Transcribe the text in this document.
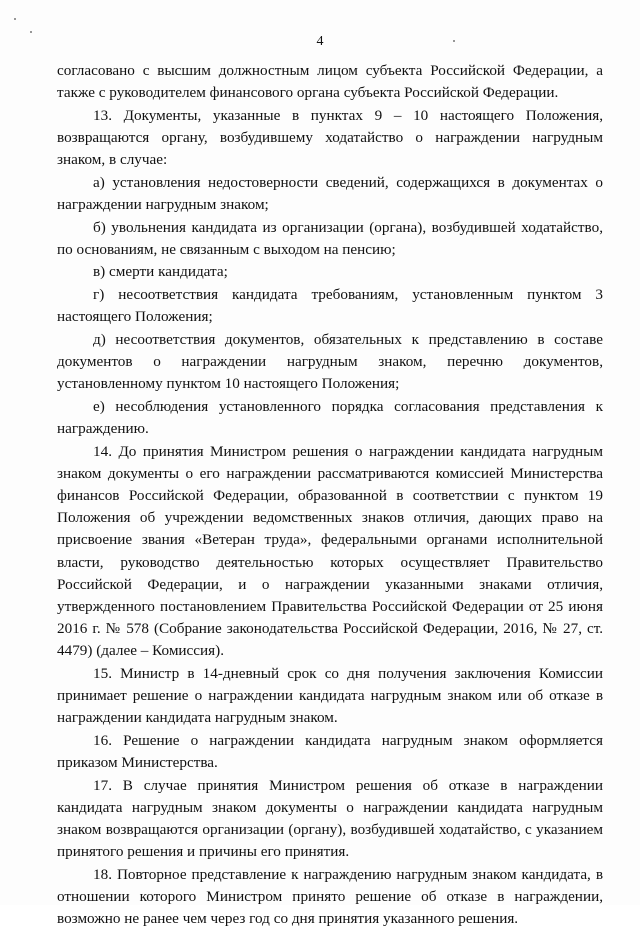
4

согласовано с высшим должностным лицом субъекта Российской Федерации, а также с руководителем финансового органа субъекта Российской Федерации.

13. Документы, указанные в пунктах 9 – 10 настоящего Положения, возвращаются органу, возбудившему ходатайство о награждении нагрудным знаком, в случае:

а) установления недостоверности сведений, содержащихся в документах о награждении нагрудным знаком;

б) увольнения кандидата из организации (органа), возбудившей ходатайство, по основаниям, не связанным с выходом на пенсию;

в) смерти кандидата;

г) несоответствия кандидата требованиям, установленным пунктом 3 настоящего Положения;

д) несоответствия документов, обязательных к представлению в составе документов о награждении нагрудным знаком, перечню документов, установленному пунктом 10 настоящего Положения;

е) несоблюдения установленного порядка согласования представления к награждению.

14. До принятия Министром решения о награждении кандидата нагрудным знаком документы о его награждении рассматриваются комиссией Министерства финансов Российской Федерации, образованной в соответствии с пунктом 19 Положения об учреждении ведомственных знаков отличия, дающих право на присвоение звания «Ветеран труда», федеральными органами исполнительной власти, руководство деятельностью которых осуществляет Правительство Российской Федерации, и о награждении указанными знаками отличия, утвержденного постановлением Правительства Российской Федерации от 25 июня 2016 г. № 578 (Собрание законодательства Российской Федерации, 2016, № 27, ст. 4479) (далее – Комиссия).

15. Министр в 14-дневный срок со дня получения заключения Комиссии принимает решение о награждении кандидата нагрудным знаком или об отказе в награждении кандидата нагрудным знаком.

16. Решение о награждении кандидата нагрудным знаком оформляется приказом Министерства.

17. В случае принятия Министром решения об отказе в награждении кандидата нагрудным знаком документы о награждении кандидата нагрудным знаком возвращаются организации (органу), возбудившей ходатайство, с указанием принятого решения и причины его принятия.

18. Повторное представление к награждению нагрудным знаком кандидата, в отношении которого Министром принято решение об отказе в награждении, возможно не ранее чем через год со дня принятия указанного решения.
